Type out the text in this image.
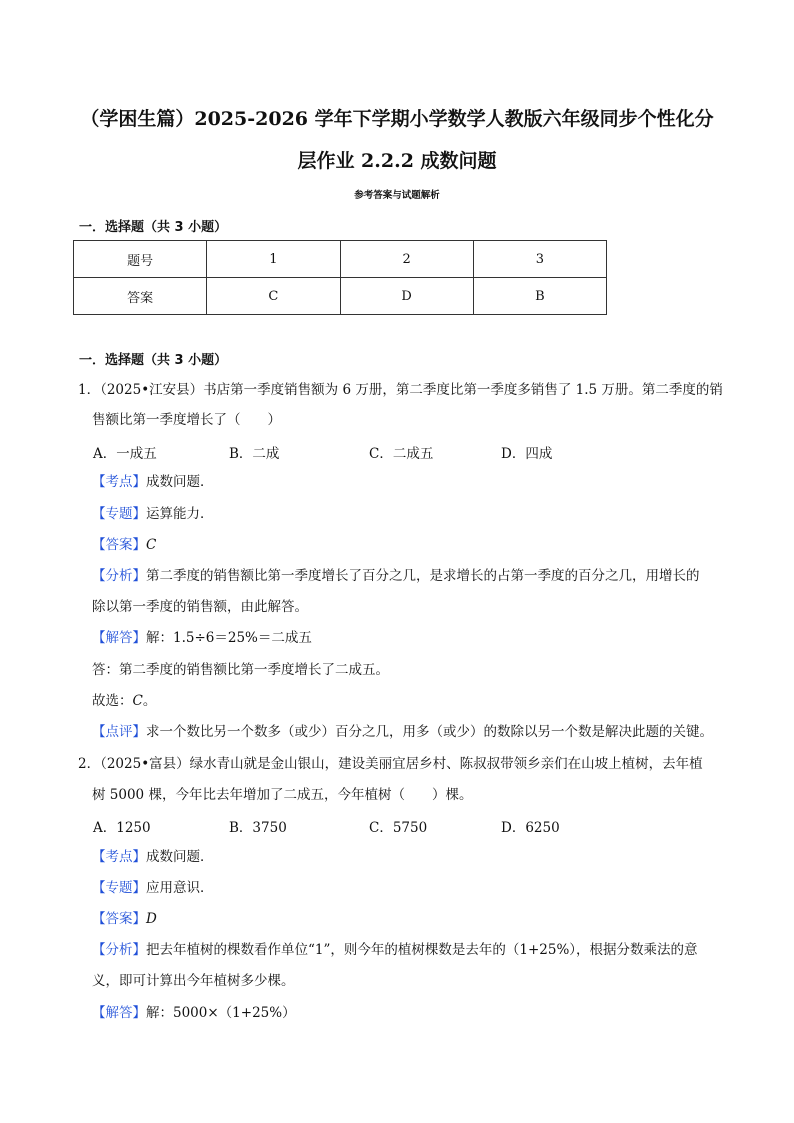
（学困生篇）2025-2026 学年下学期小学数学人教版六年级同步个性化分
层作业 2.2.2 成数问题
参考答案与试题解析
一．选择题（共 3 小题）
题号	1	2	3
答案	C	D	B
一．选择题（共 3 小题）
1．（2025•江安县）书店第一季度销售额为 6 万册，第二季度比第一季度多销售了 1.5 万册。第二季度的销
售额比第一季度增长了（　　）
A．一成五	B．二成	C．二成五	D．四成
【考点】成数问题．
【专题】运算能力．
【答案】C
【分析】第二季度的销售额比第一季度增长了百分之几，是求增长的占第一季度的百分之几，用增长的
除以第一季度的销售额，由此解答。
【解答】解：1.5÷6＝25%＝二成五
答：第二季度的销售额比第一季度增长了二成五。
故选：C。
【点评】求一个数比另一个数多（或少）百分之几，用多（或少）的数除以另一个数是解决此题的关键。
2．（2025•富县）绿水青山就是金山银山，建设美丽宜居乡村、陈叔叔带领乡亲们在山坡上植树，去年植
树 5000 棵，今年比去年增加了二成五，今年植树（　　）棵。
A．1250	B．3750	C．5750	D．6250
【考点】成数问题．
【专题】应用意识．
【答案】D
【分析】把去年植树的棵数看作单位“1”，则今年的植树棵数是去年的（1+25%），根据分数乘法的意
义，即可计算出今年植树多少棵。
【解答】解：5000×（1+25%）
